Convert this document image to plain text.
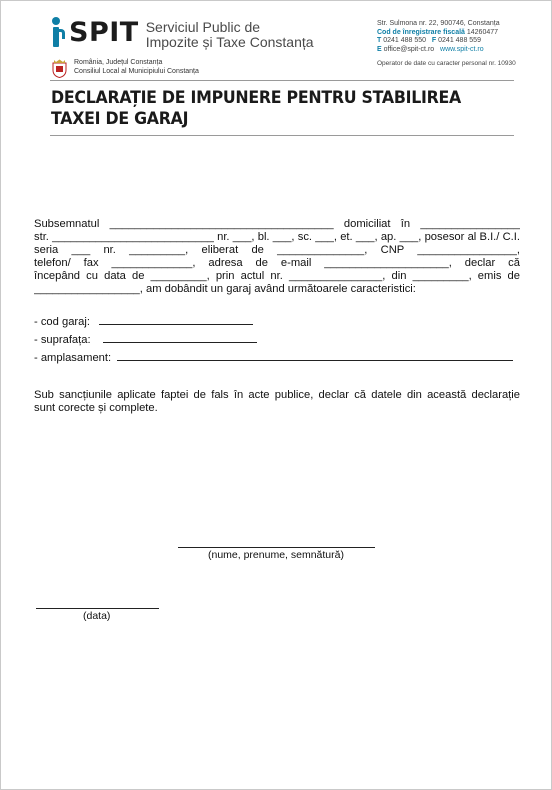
SPIT Serviciul Public de
Impozite și Taxe Constanța
România, Județul Constanța
Consiliul Local al Municipiului Constanța
Str. Sulmona nr. 22, 900746, Constanța
Cod de înregistrare fiscală 14260477
T 0241 488 550 F 0241 488 559
E office@spit-ct.ro www.spit-ct.ro
Operator de date cu caracter personal nr. 10930
DECLARAȚIE DE IMPUNERE PENTRU STABILIREA
TAXEI DE GARAJ
Subsemnatul ____________________________________ domiciliat în ________________
str. __________________________ nr. ___, bl. ___, sc. ___, et. ___, ap. ___, posesor al B.I./ C.I.
seria ___ nr. _________, eliberat de ______________, CNP ________________,
telefon/ fax _____________, adresa de e-mail ____________________, declar că
începând cu data de _________, prin actul nr. _______________, din _________, emis de
_________________, am dobândit un garaj având următoarele caracteristici:
- cod garaj:
- suprafața:
- amplasament:
Sub sancțiunile aplicate faptei de fals în acte publice, declar că datele din această declarație
sunt corecte și complete.
(nume, prenume, semnătură)
(data)
